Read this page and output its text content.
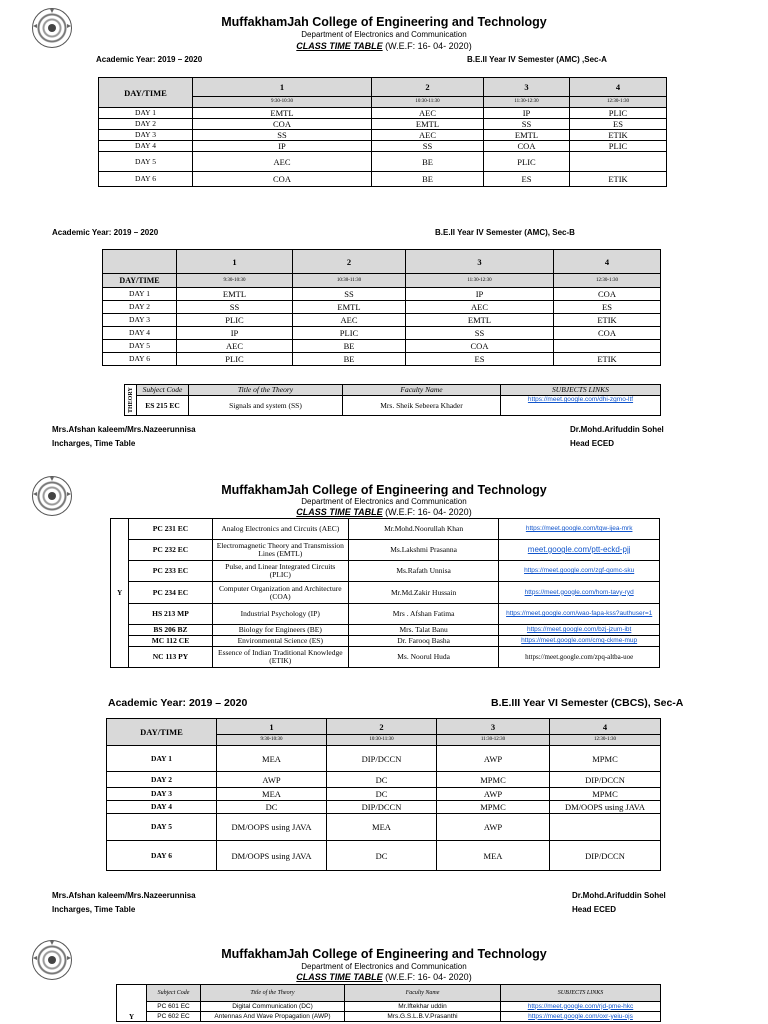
MuffakhamJah College of Engineering and Technology
Department of Electronics and Communication
CLASS TIME TABLE (W.E.F: 16- 04- 2020)
Academic Year: 2019 – 2020	B.E.II Year IV Semester (AMC) ,Sec-A
DAY/TIME	1	2	3	4
	9:30-10:30	10:30-11:30	11:30-12:30	12:30-1:30
DAY 1	EMTL	AEC	IP	PLIC
DAY 2	COA	EMTL	SS	ES
DAY 3	SS	AEC	EMTL	ETIK
DAY 4	IP	SS	COA	PLIC
DAY 5	AEC	BE	PLIC	
DAY 6	COA	BE	ES	ETIK
Academic Year: 2019 – 2020	B.E.II Year IV Semester (AMC), Sec-B
	1	2	3	4
DAY/TIME	9:30-10:30	10:30-11:30	11:30-12:30	12:30-1:30
DAY 1	EMTL	SS	IP	COA
DAY 2	SS	EMTL	AEC	ES
DAY 3	PLIC	AEC	EMTL	ETIK
DAY 4	IP	PLIC	SS	COA
DAY 5	AEC	BE	COA	
DAY 6	PLIC	BE	ES	ETIK
THEORY	Subject Code	Title of the Theory	Faculty Name	SUBJECTS LINKS
	ES 215 EC	Signals and system (SS)	Mrs. Sheik Sebeera Khader	https://meet.google.com/dhi-zgmo-ltf
Mrs.Afshan kaleem/Mrs.Nazeerunnisa
Incharges, Time Table
Dr.Mohd.Arifuddin Sohel
Head ECED
MuffakhamJah College of Engineering and Technology
Department of Electronics and Communication
CLASS TIME TABLE (W.E.F: 16- 04- 2020)
Y	PC 231 EC	Analog Electronics and Circuits (AEC)	Mr.Mohd.Noorullah Khan	https://meet.google.com/tqw-ijea-mrk
	PC 232 EC	Electromagnetic Theory and Transmission Lines (EMTL)	Ms.Lakshmi Prasanna	meet.google.com/ptt-eckd-pjj
	PC 233 EC	Pulse, and Linear Integrated Circuits (PLIC)	Ms.Rafath Unnisa	https://meet.google.com/zgf-qomc-sku
	PC 234 EC	Computer Organization and Architecture (COA)	Mr.Md.Zakir Hussain	https://meet.google.com/hom-tavy-ryd
	HS 213 MP	Industrial Psychology (IP)	Mrs . Afshan Fatima	https://meet.google.com/wao-fapa-kss?authuser=1
	BS 206 BZ	Biology for Engineers (BE)	Mrs. Talat Banu	https://meet.google.com/bzj-jzum-ibt
	MC 112 CE	Environmental Science (ES)	Dr. Farooq Basha	https://meet.google.com/cmq-ckme-mup
	NC 113 PY	Essence of Indian Traditional Knowledge (ETIK)	Ms. Noorul Huda	https://meet.google.com/zpq-altba-uoe
Academic Year: 2019 – 2020	B.E.III Year VI Semester (CBCS), Sec-A
DAY/TIME	1	2	3	4
	9:30-10:30	10:30-11:30	11:30-12:30	12:30-1:30
DAY 1	MEA	DIP/DCCN	AWP	MPMC
DAY 2	AWP	DC	MPMC	DIP/DCCN
DAY 3	MEA	DC	AWP	MPMC
DAY 4	DC	DIP/DCCN	MPMC	DM/OOPS using JAVA
DAY 5	DM/OOPS using JAVA	MEA	AWP	
DAY 6	DM/OOPS using JAVA	DC	MEA	DIP/DCCN
Mrs.Afshan kaleem/Mrs.Nazeerunnisa
Incharges, Time Table
Dr.Mohd.Arifuddin Sohel
Head ECED
MuffakhamJah College of Engineering and Technology
Department of Electronics and Communication
CLASS TIME TABLE (W.E.F: 16- 04- 2020)
Y	Subject Code	Title of the Theory	Faculty Name	SUBJECTS LINKS
	PC 601 EC	Digital Communication (DC)	Mr.Iftekhar uddin	https://meet.google.com/rjd-pme-hkc
	PC 602 EC	Antennas And Wave Propagation (AWP)	Mrs.G.S.L.B.V.Prasanthi	https://meet.google.com/oxr-yeiu-ojs
